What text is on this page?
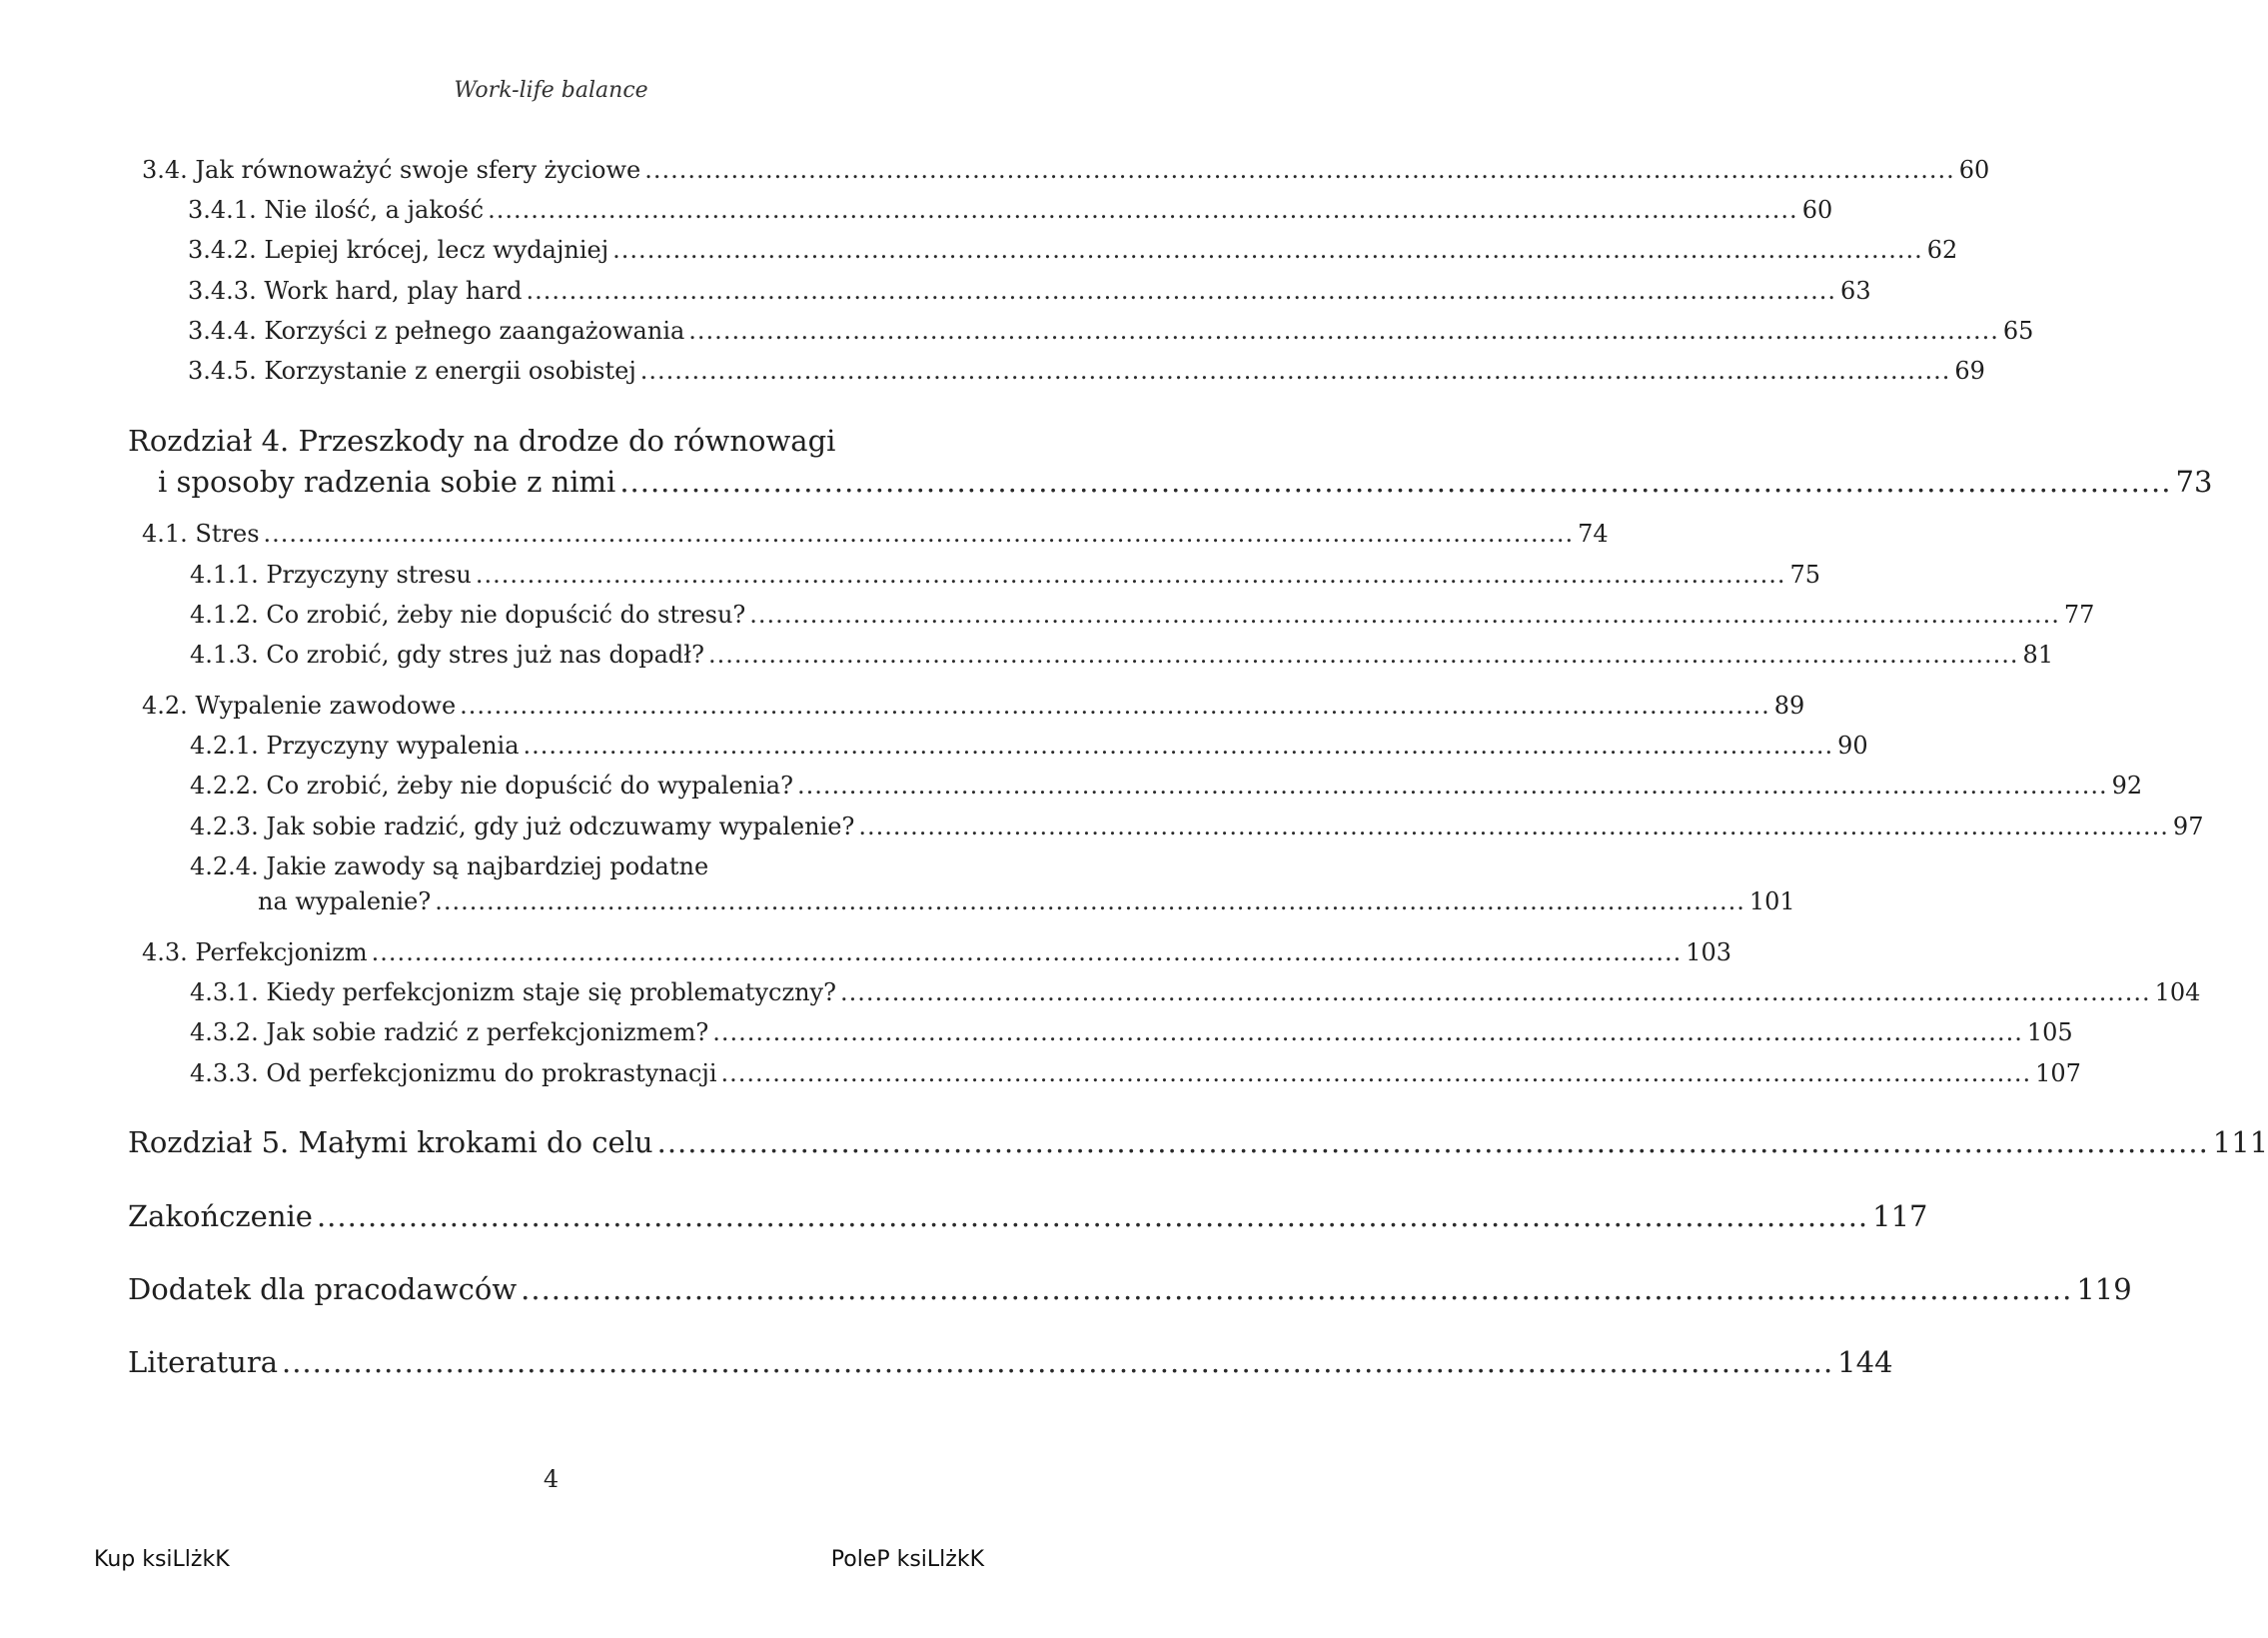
Work-life balance
3.4. Jak równoważyć swoje sfery życiowe ........................................................................................................................................................ 60
3.4.1. Nie ilość, a jakość ........................................................................................................................................................ 60
3.4.2. Lepiej krócej, lecz wydajniej ........................................................................................................................................................ 62
3.4.3. Work hard, play hard ........................................................................................................................................................ 63
3.4.4. Korzyści z pełnego zaangażowania ........................................................................................................................................................ 65
3.4.5. Korzystanie z energii osobistej ........................................................................................................................................................ 69
Rozdział 4. Przeszkody na drodze do równowagi
i sposoby radzenia sobie z nimi ........................................................................................................................................................ 73
4.1. Stres ........................................................................................................................................................ 74
4.1.1. Przyczyny stresu ........................................................................................................................................................ 75
4.1.2. Co zrobić, żeby nie dopuścić do stresu? ........................................................................................................................................................ 77
4.1.3. Co zrobić, gdy stres już nas dopadł? ........................................................................................................................................................ 81
4.2. Wypalenie zawodowe ........................................................................................................................................................ 89
4.2.1. Przyczyny wypalenia ........................................................................................................................................................ 90
4.2.2. Co zrobić, żeby nie dopuścić do wypalenia? ........................................................................................................................................................ 92
4.2.3. Jak sobie radzić, gdy już odczuwamy wypalenie? ........................................................................................................................................................ 97
4.2.4. Jakie zawody są najbardziej podatne
na wypalenie? ........................................................................................................................................................ 101
4.3. Perfekcjonizm ........................................................................................................................................................ 103
4.3.1. Kiedy perfekcjonizm staje się problematyczny? ........................................................................................................................................................ 104
4.3.2. Jak sobie radzić z perfekcjonizmem? ........................................................................................................................................................ 105
4.3.3. Od perfekcjonizmu do prokrastynacji ........................................................................................................................................................ 107
Rozdział 5. Małymi krokami do celu ........................................................................................................................................................ 111
Zakończenie ........................................................................................................................................................ 117
Dodatek dla pracodawców ........................................................................................................................................................ 119
Literatura ........................................................................................................................................................ 144
4
Kup ksiLlżkK	PoleP ksiLlżkK
